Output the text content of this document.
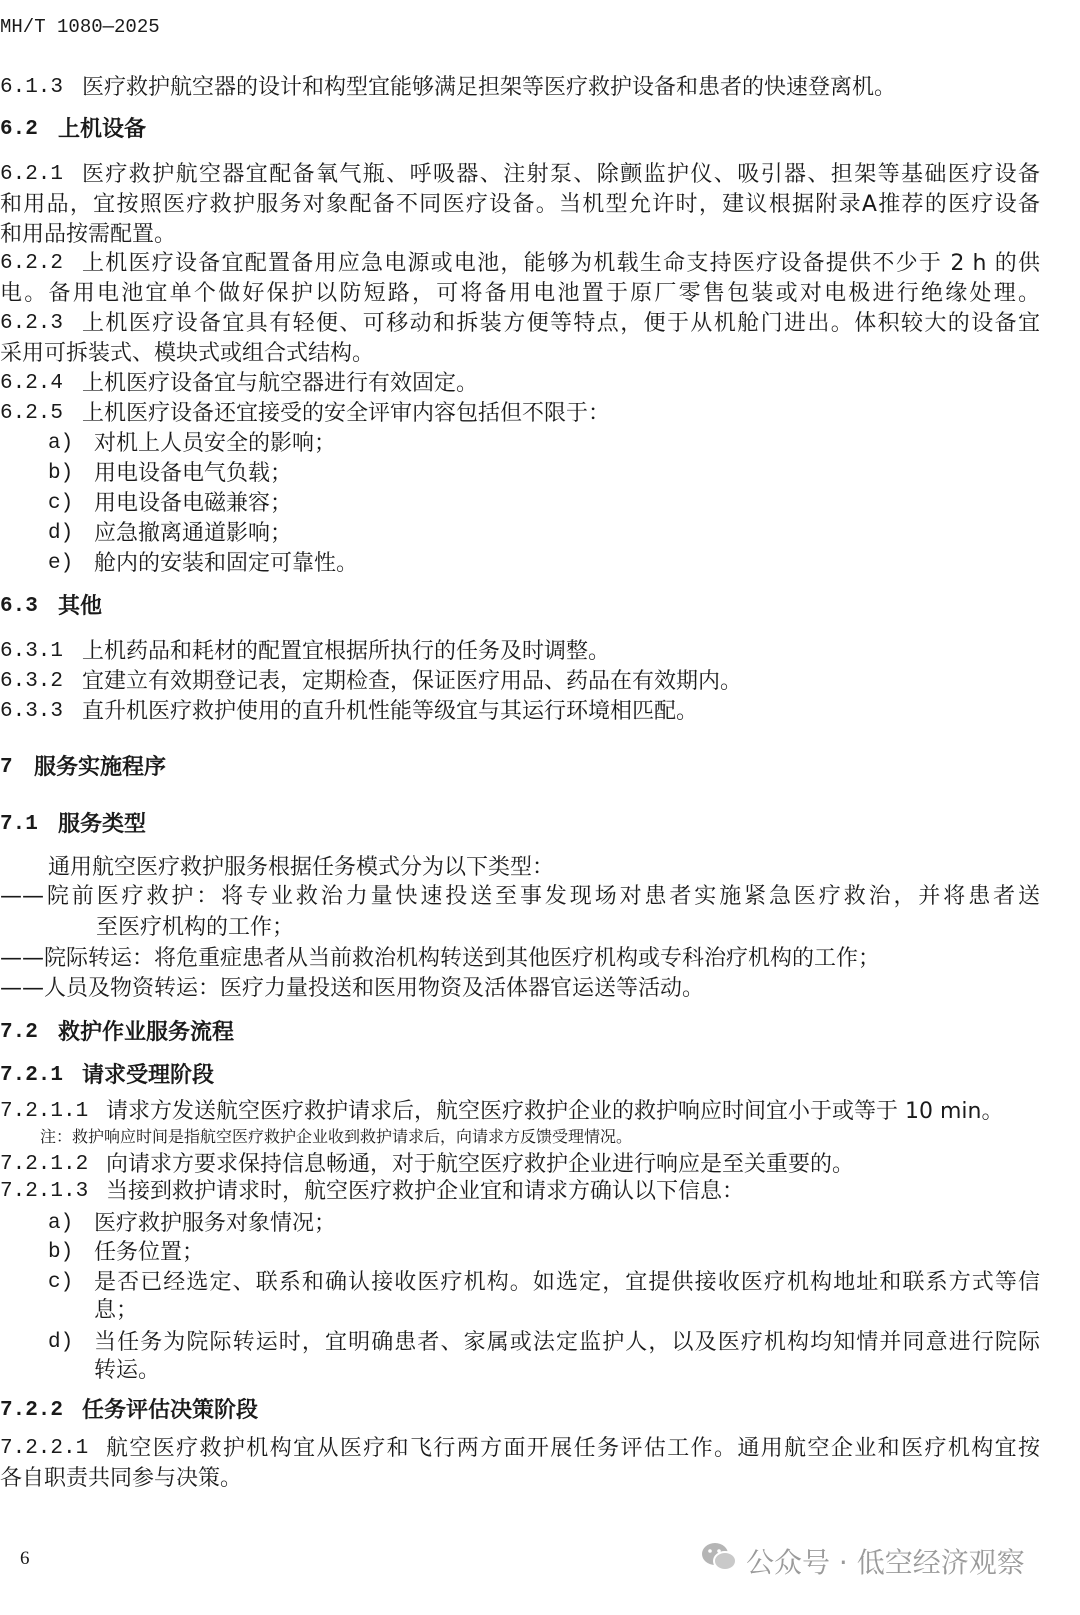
MH/T 1080—2025
6.1.3 医疗救护航空器的设计和构型宜能够满足担架等医疗救护设备和患者的快速登离机。
6.2 上机设备
6.2.1 医疗救护航空器宜配备氧气瓶、呼吸器、注射泵、除颤监护仪、吸引器、担架等基础医疗设备
和用品，宜按照医疗救护服务对象配备不同医疗设备。当机型允许时，建议根据附录A推荐的医疗设备
和用品按需配置。
6.2.2 上机医疗设备宜配置备用应急电源或电池，能够为机载生命支持医疗设备提供不少于 2 h 的供
电。备用电池宜单个做好保护以防短路，可将备用电池置于原厂零售包装或对电极进行绝缘处理。
6.2.3 上机医疗设备宜具有轻便、可移动和拆装方便等特点，便于从机舱门进出。体积较大的设备宜
采用可拆装式、模块式或组合式结构。
6.2.4 上机医疗设备宜与航空器进行有效固定。
6.2.5 上机医疗设备还宜接受的安全评审内容包括但不限于：
a) 对机上人员安全的影响；
b) 用电设备电气负载；
c) 用电设备电磁兼容；
d) 应急撤离通道影响；
e) 舱内的安装和固定可靠性。
6.3 其他
6.3.1 上机药品和耗材的配置宜根据所执行的任务及时调整。
6.3.2 宜建立有效期登记表，定期检查，保证医疗用品、药品在有效期内。
6.3.3 直升机医疗救护使用的直升机性能等级宜与其运行环境相匹配。
7 服务实施程序
7.1 服务类型
通用航空医疗救护服务根据任务模式分为以下类型：
——院前医疗救护：将专业救治力量快速投送至事发现场对患者实施紧急医疗救治，并将患者送
至医疗机构的工作；
——院际转运：将危重症患者从当前救治机构转送到其他医疗机构或专科治疗机构的工作；
——人员及物资转运：医疗力量投送和医用物资及活体器官运送等活动。
7.2 救护作业服务流程
7.2.1 请求受理阶段
7.2.1.1 请求方发送航空医疗救护请求后，航空医疗救护企业的救护响应时间宜小于或等于 10 min。
注：救护响应时间是指航空医疗救护企业收到救护请求后，向请求方反馈受理情况。
7.2.1.2 向请求方要求保持信息畅通，对于航空医疗救护企业进行响应是至关重要的。
7.2.1.3 当接到救护请求时，航空医疗救护企业宜和请求方确认以下信息：
a) 医疗救护服务对象情况；
b) 任务位置；
c) 是否已经选定、联系和确认接收医疗机构。如选定，宜提供接收医疗机构地址和联系方式等信
息；
d) 当任务为院际转运时，宜明确患者、家属或法定监护人，以及医疗机构均知情并同意进行院际
转运。
7.2.2 任务评估决策阶段
7.2.2.1 航空医疗救护机构宜从医疗和飞行两方面开展任务评估工作。通用航空企业和医疗机构宜按
各自职责共同参与决策。
6	公众号 · 低空经济观察
